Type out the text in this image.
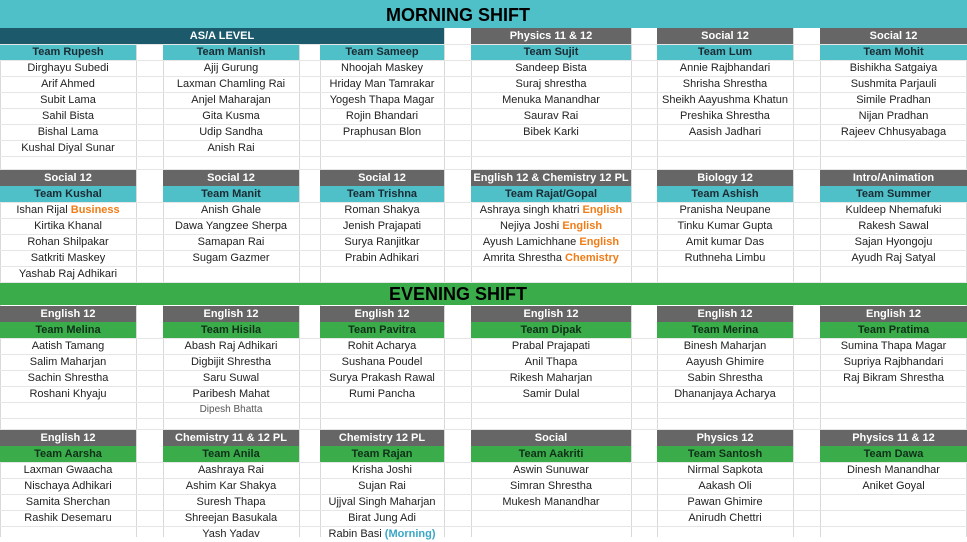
MORNING SHIFT
EVENING SHIFT
AS/A LEVEL
Team Rupesh	Team Manish	Team Sameep
Physics 11 & 12
Team Sujit
Social 12
Team Lum
Social 12
Team Mohit
Dirghayu Subedi
Arif Ahmed
Subit Lama
Sahil Bista
Bishal Lama
Kushal Diyal Sunar
Ajij Gurung
Laxman Chamling Rai
Anjel Maharajan
Gita Kusma
Udip Sandha
Anish Rai
Nhoojah Maskey
Hriday Man Tamrakar
Yogesh Thapa Magar
Rojin Bhandari
Praphusan Blon
Sandeep Bista
Suraj shrestha
Menuka Manandhar
Saurav Rai
Bibek Karki
Annie Rajbhandari
Shrisha Shrestha
Sheikh Aayushma Khatun
Preshika Shrestha
Aasish Jadhari
Bishikha Satgaiya
Sushmita Parjauli
Simile Pradhan
Nijan Pradhan
Rajeev Chhusyabaga
Social 12
Team Kushal
Social 12
Team Manit
Social 12
Team Trishna
English 12 & Chemistry 12 PL
Team Rajat/Gopal
Biology 12
Team Ashish
Intro/Animation
Team Summer
Ishan Rijal Business
Kirtika Khanal
Rohan Shilpakar
Satkriti Maskey
Yashab Raj Adhikari
Anish Ghale
Dawa Yangzee Sherpa
Samapan Rai
Sugam Gazmer
Roman Shakya
Jenish Prajapati
Surya Ranjitkar
Prabin Adhikari
Ashraya singh khatri English
Nejiya Joshi English
Ayush Lamichhane English
Amrita Shrestha Chemistry
Pranisha Neupane
Tinku Kumar Gupta
Amit kumar Das
Ruthneha Limbu
Kuldeep Nhemafuki
Rakesh Sawal
Sajan Hyongoju
Ayudh Raj Satyal
English 12
Team Melina
English 12
Team Hisila
English 12
Team Pavitra
English 12
Team Dipak
English 12
Team Merina
English 12
Team Pratima
Aatish Tamang
Salim Maharjan
Sachin Shrestha
Roshani Khyaju
Abash Raj Adhikari
Digbijit Shrestha
Saru Suwal
Paribesh Mahat
Dipesh Bhatta
Rohit Acharya
Sushana Poudel
Surya Prakash Rawal
Rumi Pancha
Prabal Prajapati
Anil Thapa
Rikesh Maharjan
Samir Dulal
Binesh Maharjan
Aayush Ghimire
Sabin Shrestha
Dhananjaya Acharya
Sumina Thapa Magar
Supriya Rajbhandari
Raj Bikram Shrestha
English 12
Team Aarsha
Chemistry 11 & 12 PL
Team Anila
Chemistry 12 PL
Team Rajan
Social
Team Aakriti
Physics 12
Team Santosh
Physics 11 & 12
Team Dawa
Laxman Gwaacha
Nischaya Adhikari
Samita Sherchan
Rashik Desemaru
Aashraya Rai
Ashim Kar Shakya
Suresh Thapa
Shreejan Basukala
Yash Yadav
Krisha Joshi
Sujan Rai
Ujjval Singh Maharjan
Birat Jung Adi
Rabin Basi (Morning)
Aswin Sunuwar
Simran Shrestha
Mukesh Manandhar
Nirmal Sapkota
Aakash Oli
Pawan Ghimire
Anirudh Chettri
Dinesh Manandhar
Aniket Goyal
